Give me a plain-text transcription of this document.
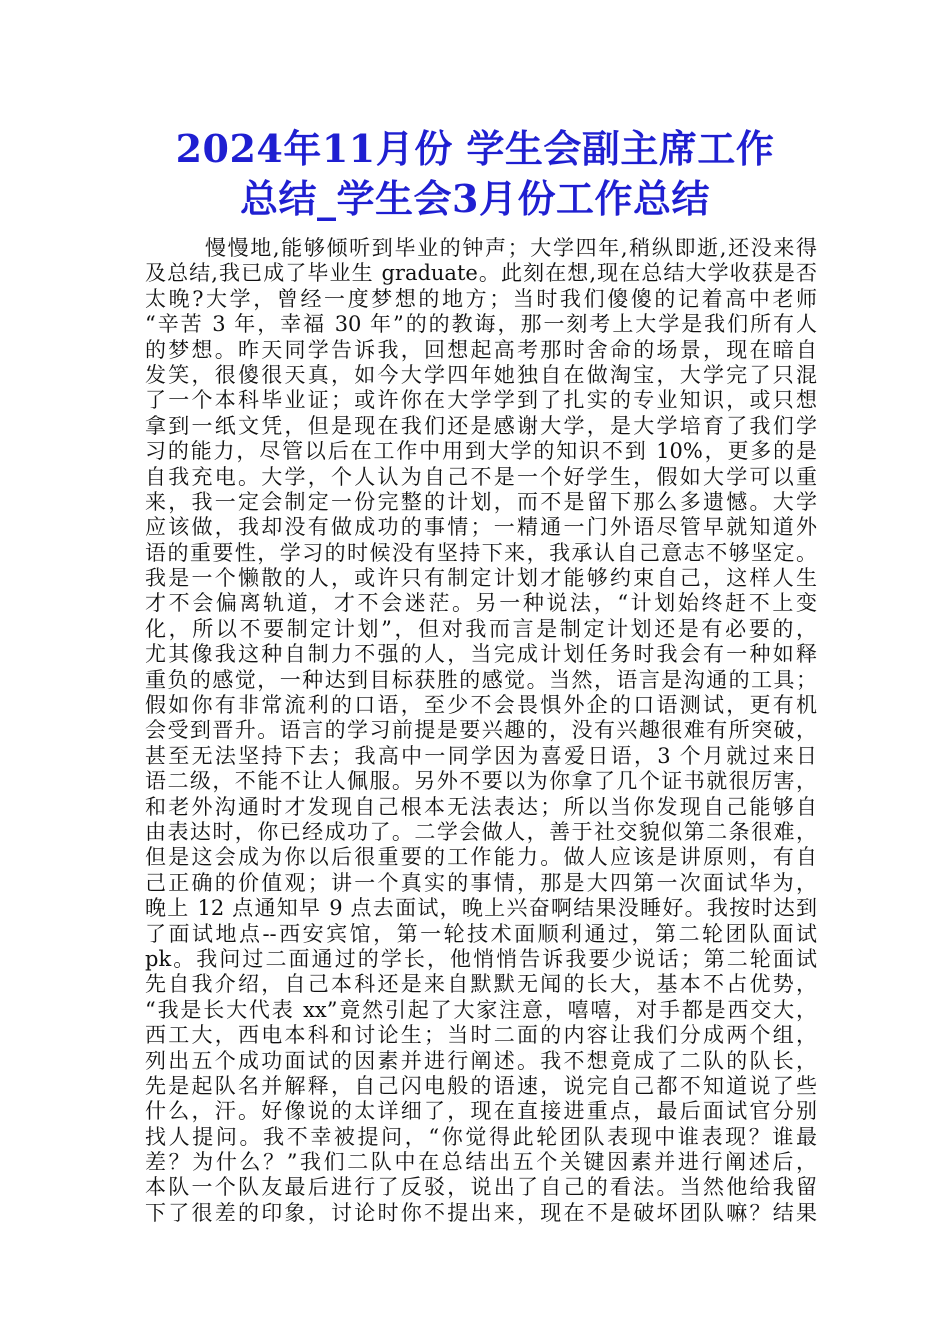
2024年11月份 学生会副主席工作
总结_学生会3月份工作总结
慢慢地,能够倾听到毕业的钟声；大学四年,稍纵即逝,还没来得
及总结,我已成了毕业生 graduate。此刻在想,现在总结大学收获是否
太晚?大学，曾经一度梦想的地方；当时我们傻傻的记着高中老师
“辛苦 3 年，幸福 30 年”的的教诲，那一刻考上大学是我们所有人
的梦想。昨天同学告诉我，回想起高考那时舍命的场景，现在暗自
发笑，很傻很天真，如今大学四年她独自在做淘宝，大学完了只混
了一个本科毕业证；或许你在大学学到了扎实的专业知识，或只想
拿到一纸文凭，但是现在我们还是感谢大学，是大学培育了我们学
习的能力，尽管以后在工作中用到大学的知识不到 10%，更多的是
自我充电。大学，个人认为自己不是一个好学生，假如大学可以重
来，我一定会制定一份完整的计划，而不是留下那么多遗憾。大学
应该做，我却没有做成功的事情；一精通一门外语尽管早就知道外
语的重要性，学习的时候没有坚持下来，我承认自己意志不够坚定。
我是一个懒散的人，或许只有制定计划才能够约束自己，这样人生
才不会偏离轨道，才不会迷茫。另一种说法，“计划始终赶不上变
化，所以不要制定计划”，但对我而言是制定计划还是有必要的，
尤其像我这种自制力不强的人，当完成计划任务时我会有一种如释
重负的感觉，一种达到目标获胜的感觉。当然，语言是沟通的工具；
假如你有非常流利的口语，至少不会畏惧外企的口语测试，更有机
会受到晋升。语言的学习前提是要兴趣的，没有兴趣很难有所突破，
甚至无法坚持下去；我高中一同学因为喜爱日语，3 个月就过来日
语二级，不能不让人佩服。另外不要以为你拿了几个证书就很厉害，
和老外沟通时才发现自己根本无法表达；所以当你发现自己能够自
由表达时，你已经成功了。二学会做人，善于社交貌似第二条很难，
但是这会成为你以后很重要的工作能力。做人应该是讲原则，有自
己正确的价值观；讲一个真实的事情，那是大四第一次面试华为，
晚上 12 点通知早 9 点去面试，晚上兴奋啊结果没睡好。我按时达到
了面试地点--西安宾馆，第一轮技术面顺利通过，第二轮团队面试
pk。我问过二面通过的学长，他悄悄告诉我要少说话；第二轮面试
先自我介绍，自己本科还是来自默默无闻的长大，基本不占优势，
“我是长大代表 xx”竟然引起了大家注意，嘻嘻，对手都是西交大，
西工大，西电本科和讨论生；当时二面的内容让我们分成两个组，
列出五个成功面试的因素并进行阐述。我不想竟成了二队的队长，
先是起队名并解释，自己闪电般的语速，说完自己都不知道说了些
什么，汗。好像说的太详细了，现在直接进重点，最后面试官分别
找人提问。我不幸被提问，“你觉得此轮团队表现中谁表现？谁最
差？为什么？”我们二队中在总结出五个关键因素并进行阐述后，
本队一个队友最后进行了反驳，说出了自己的看法。当然他给我留
下了很差的印象，讨论时你不提出来，现在不是破坏团队嘛？结果
